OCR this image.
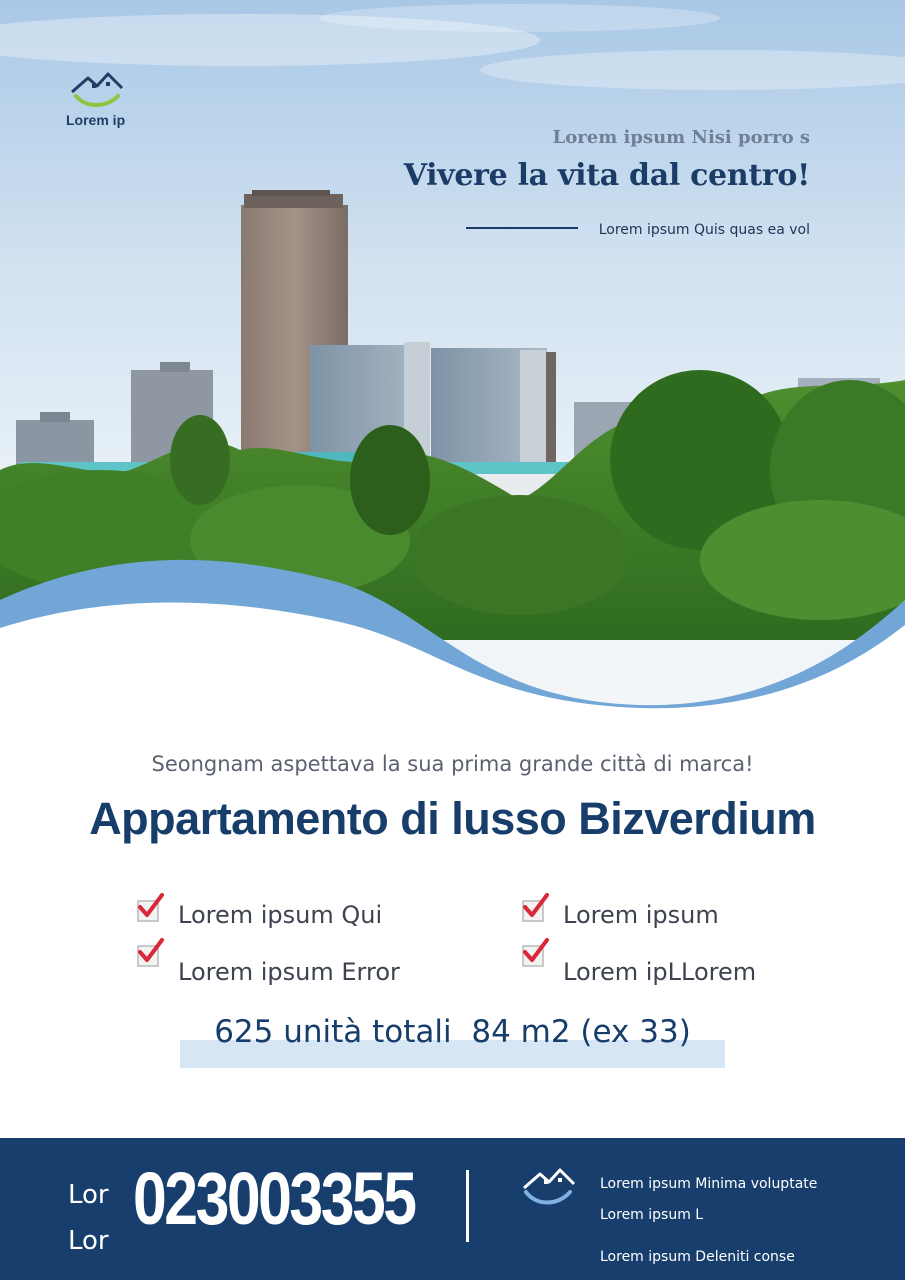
Lorem ip
Lorem ipsum Nisi porro s
Vivere la vita dal centro!
Lorem ipsum Quis quas ea vol
Seongnam aspettava la sua prima grande città di marca!
Appartamento di lusso Bizverdium
Lorem ipsum Qui	Lorem ipsum
Lorem ipsum Error	Lorem ipLLorem
625 unità totali  84 m2 (ex 33)
Lor
Lor
023003355	Lorem ipsum Minima voluptate
Lorem ipsum L
Lorem ipsum Deleniti conse
